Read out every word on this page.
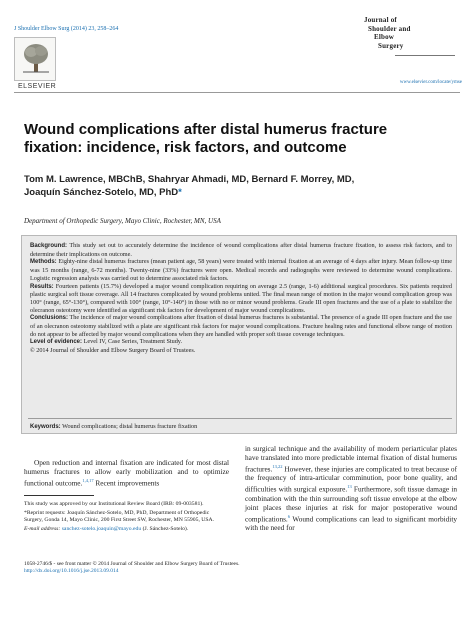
J Shoulder Elbow Surg (2014) 23, 258–264
ELSEVIER
Journal of
Shoulder and
Elbow
Surgery
www.elsevier.com/locate/ymse
Wound complications after distal humerus fracture fixation: incidence, risk factors, and outcome
Tom M. Lawrence, MBChB, Shahryar Ahmadi, MD, Bernard F. Morrey, MD,
Joaquín Sánchez-Sotelo, MD, PhD*
Department of Orthopedic Surgery, Mayo Clinic, Rochester, MN, USA

Background: This study set out to accurately determine the incidence of wound complications after distal humerus fracture fixation, to assess risk factors, and to determine their implications on outcome.

Methods: Eighty-nine distal humerus fractures (mean patient age, 58 years) were treated with internal fixation at an average of 4 days after injury. Mean follow-up time was 15 months (range, 6-72 months). Twenty-nine (33%) fractures were open. Medical records and radiographs were reviewed to determine wound complications. Logistic regression analysis was carried out to determine associated risk factors.

Results: Fourteen patients (15.7%) developed a major wound complication requiring on average 2.5 (range, 1-6) additional surgical procedures. Six patients required plastic surgical soft tissue coverage. All 14 fractures complicated by wound problems united. The final mean range of motion in the major wound complication group was 100° (range, 65°-130°), compared with 100° (range, 10°-140°) in those with no or minor wound problems. Grade III open fractures and the use of a plate to stabilize the olecranon osteotomy were identified as significant risk factors for development of major wound complications.

Conclusions: The incidence of major wound complications after fixation of distal humerus fractures is substantial. The presence of a grade III open fracture and the use of an olecranon osteotomy stabilized with a plate are significant risk factors for major wound complications. Fracture healing rates and functional elbow range of motion do not appear to be affected by major wound complications when they are handled with proper soft tissue coverage techniques.

Level of evidence: Level IV, Case Series, Treatment Study.

© 2014 Journal of Shoulder and Elbow Surgery Board of Trustees.

Keywords: Wound complications; distal humerus fracture fixation
Open reduction and internal fixation are indicated for most distal humerus fractures to allow early mobilization and to optimize functional outcome.$^{1,4,17}$ Recent improvements

This study was approved by our Institutional Review Board (IRB: 09-003581).

*Reprint requests: Joaquín Sánchez-Sotelo, MD, PhD, Department of Orthopedic Surgery, Gonda 14, Mayo Clinic, 200 First Street SW, Rochester, MN 55905, USA.

E-mail address: sanchez-sotelo.joaquin@mayo.edu (J. Sánchez-Sotelo).

in surgical technique and the availability of modern periarticular plates have translated into more predictable internal fixation of distal humerus fractures.$^{13,22}$ However, these injuries are complicated to treat because of the frequency of intra-articular comminution, poor bone quality, and difficulties with surgical exposure.$^{13}$ Furthermore, soft tissue damage in combination with the thin surrounding soft tissue envelope at the elbow joint places these injuries at risk for major postoperative wound complications.$^6$ Wound complications can lead to significant morbidity with the need for
1058-2746/$ - see front matter © 2014 Journal of Shoulder and Elbow Surgery Board of Trustees.
http://dx.doi.org/10.1016/j.jse.2013.09.014
